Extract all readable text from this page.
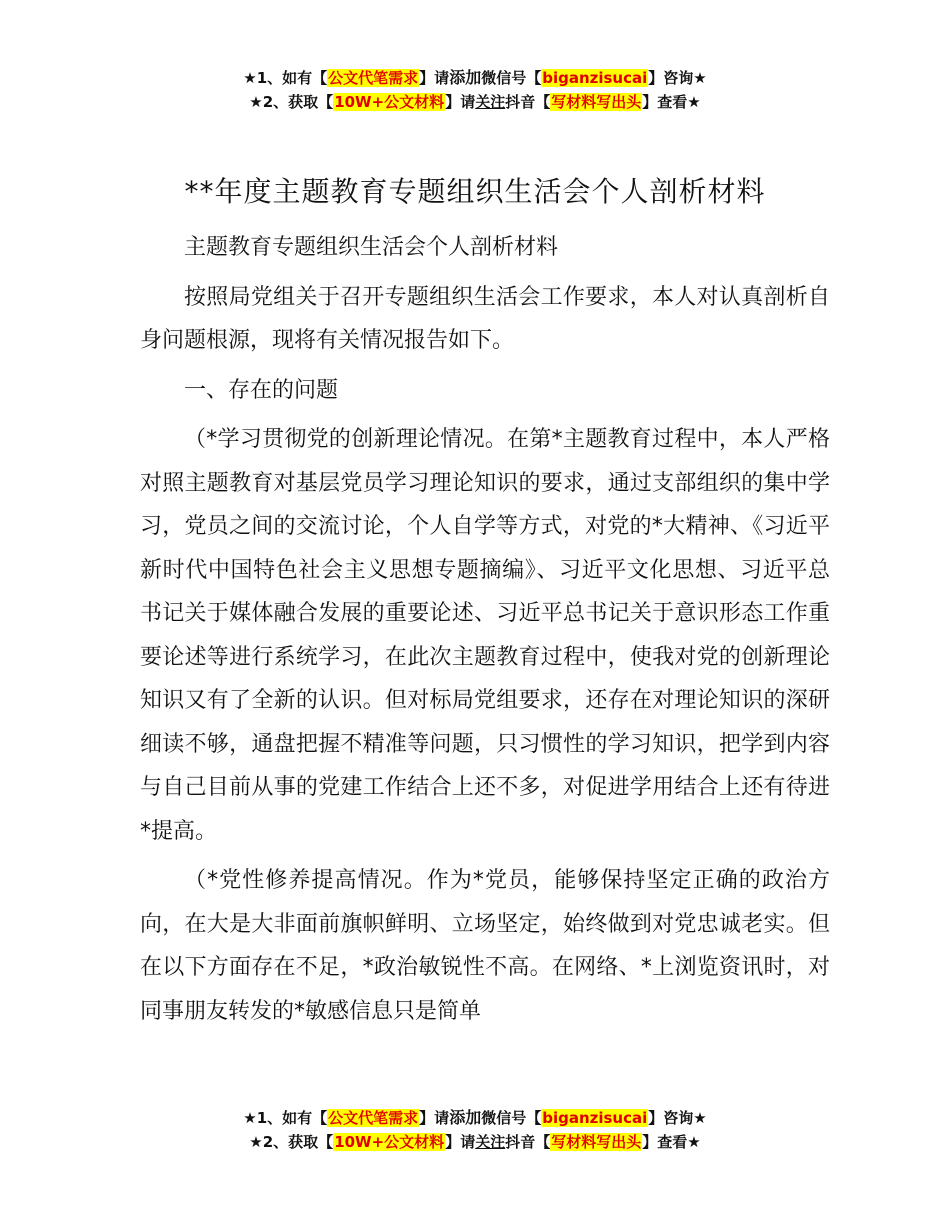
★1、如有【公文代笔需求】请添加微信号【biganzisucai】咨询★
★2、获取【10W+公文材料】请关注抖音【写材料写出头】查看★
**年度主题教育专题组织生活会个人剖析材料

主题教育专题组织生活会个人剖析材料

按照局党组关于召开专题组织生活会工作要求，本人对认真剖析自身问题根源，现将有关情况报告如下。

一、存在的问题

（*学习贯彻党的创新理论情况。在第*主题教育过程中，本人严格对照主题教育对基层党员学习理论知识的要求，通过支部组织的集中学习，党员之间的交流讨论，个人自学等方式，对党的*大精神、《习近平新时代中国特色社会主义思想专题摘编》、习近平文化思想、习近平总书记关于媒体融合发展的重要论述、习近平总书记关于意识形态工作重要论述等进行系统学习，在此次主题教育过程中，使我对党的创新理论知识又有了全新的认识。但对标局党组要求，还存在对理论知识的深研细读不够，通盘把握不精准等问题，只习惯性的学习知识，把学到内容与自己目前从事的党建工作结合上还不多，对促进学用结合上还有待进*提高。

（*党性修养提高情况。作为*党员，能够保持坚定正确的政治方向，在大是大非面前旗帜鲜明、立场坚定，始终做到对党忠诚老实。但在以下方面存在不足，*政治敏锐性不高。在网络、*上浏览资讯时，对同事朋友转发的*敏感信息只是简单

★1、如有【公文代笔需求】请添加微信号【biganzisucai】咨询★
★2、获取【10W+公文材料】请关注抖音【写材料写出头】查看★
